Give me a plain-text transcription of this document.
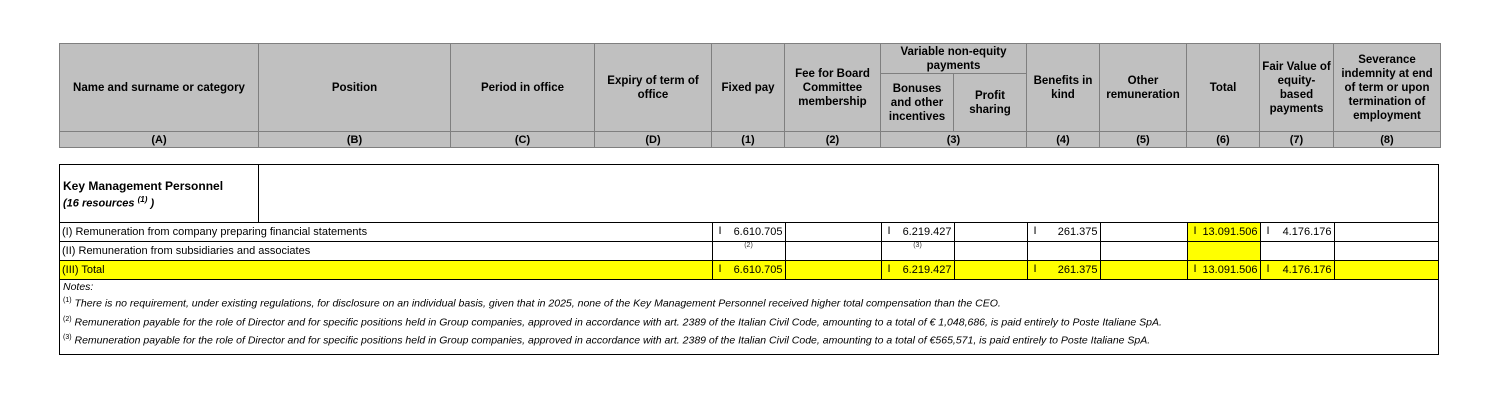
Name and surname or category	Position	Period in office	Expiry of term of office	Fixed pay	Fee for Board Committee membership	Variable non-equity payments		Benefits in kind	Other remuneration	Total	Fair Value of equity-based payments	Severance indemnity at end of term or upon termination of employment
						Bonuses and other incentives	Profit sharing					
(A)	(B)	(C)	(D)	(1)	(2)	(3)		(4)	(5)	(6)	(7)	(8)
Key Management Personnel
(16 resources $^{(1)}$ )
(I) Remuneration from company preparing financial statements	I 6.610.705		I 6.219.427		I 261.375		I 13.091.506	I 4.176.176	
(II) Remuneration from subsidiaries and associates	(2)		(3)						
(III) Total	I 6.610.705		I 6.219.427		I 261.375		I 13.091.506	I 4.176.176	
Notes:
$^{(1)}$ There is no requirement, under existing regulations, for disclosure on an individual basis, given that in 2025, none of the Key Management Personnel received higher total compensation than the CEO.
$^{(2)}$ Remuneration payable for the role of Director and for specific positions held in Group companies, approved in accordance with art. 2389 of the Italian Civil Code, amounting to a total of € 1,048,686, is paid entirely to Poste Italiane SpA.
$^{(3)}$ Remuneration payable for the role of Director and for specific positions held in Group companies, approved in accordance with art. 2389 of the Italian Civil Code, amounting to a total of €565,571, is paid entirely to Poste Italiane SpA.
